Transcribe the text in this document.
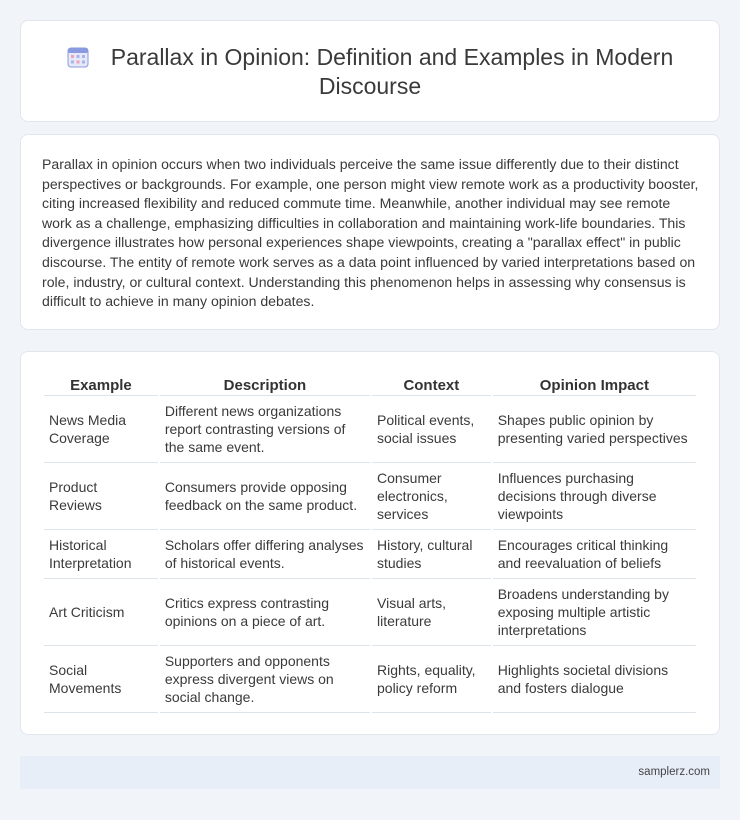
Parallax in Opinion: Definition and Examples in Modern Discourse

Parallax in opinion occurs when two individuals perceive the same issue differently due to their distinct perspectives or backgrounds. For example, one person might view remote work as a productivity booster, citing increased flexibility and reduced commute time. Meanwhile, another individual may see remote work as a challenge, emphasizing difficulties in collaboration and maintaining work-life boundaries. This divergence illustrates how personal experiences shape viewpoints, creating a "parallax effect" in public discourse. The entity of remote work serves as a data point influenced by varied interpretations based on role, industry, or cultural context. Understanding this phenomenon helps in assessing why consensus is difficult to achieve in many opinion debates.

Example	Description	Context	Opinion Impact
News Media Coverage	Different news organizations report contrasting versions of the same event.	Political events, social issues	Shapes public opinion by presenting varied perspectives
Product Reviews	Consumers provide opposing feedback on the same product.	Consumer electronics, services	Influences purchasing decisions through diverse viewpoints
Historical Interpretation	Scholars offer differing analyses of historical events.	History, cultural studies	Encourages critical thinking and reevaluation of beliefs
Art Criticism	Critics express contrasting opinions on a piece of art.	Visual arts, literature	Broadens understanding by exposing multiple artistic interpretations
Social Movements	Supporters and opponents express divergent views on social change.	Rights, equality, policy reform	Highlights societal divisions and fosters dialogue
samplerz.com
